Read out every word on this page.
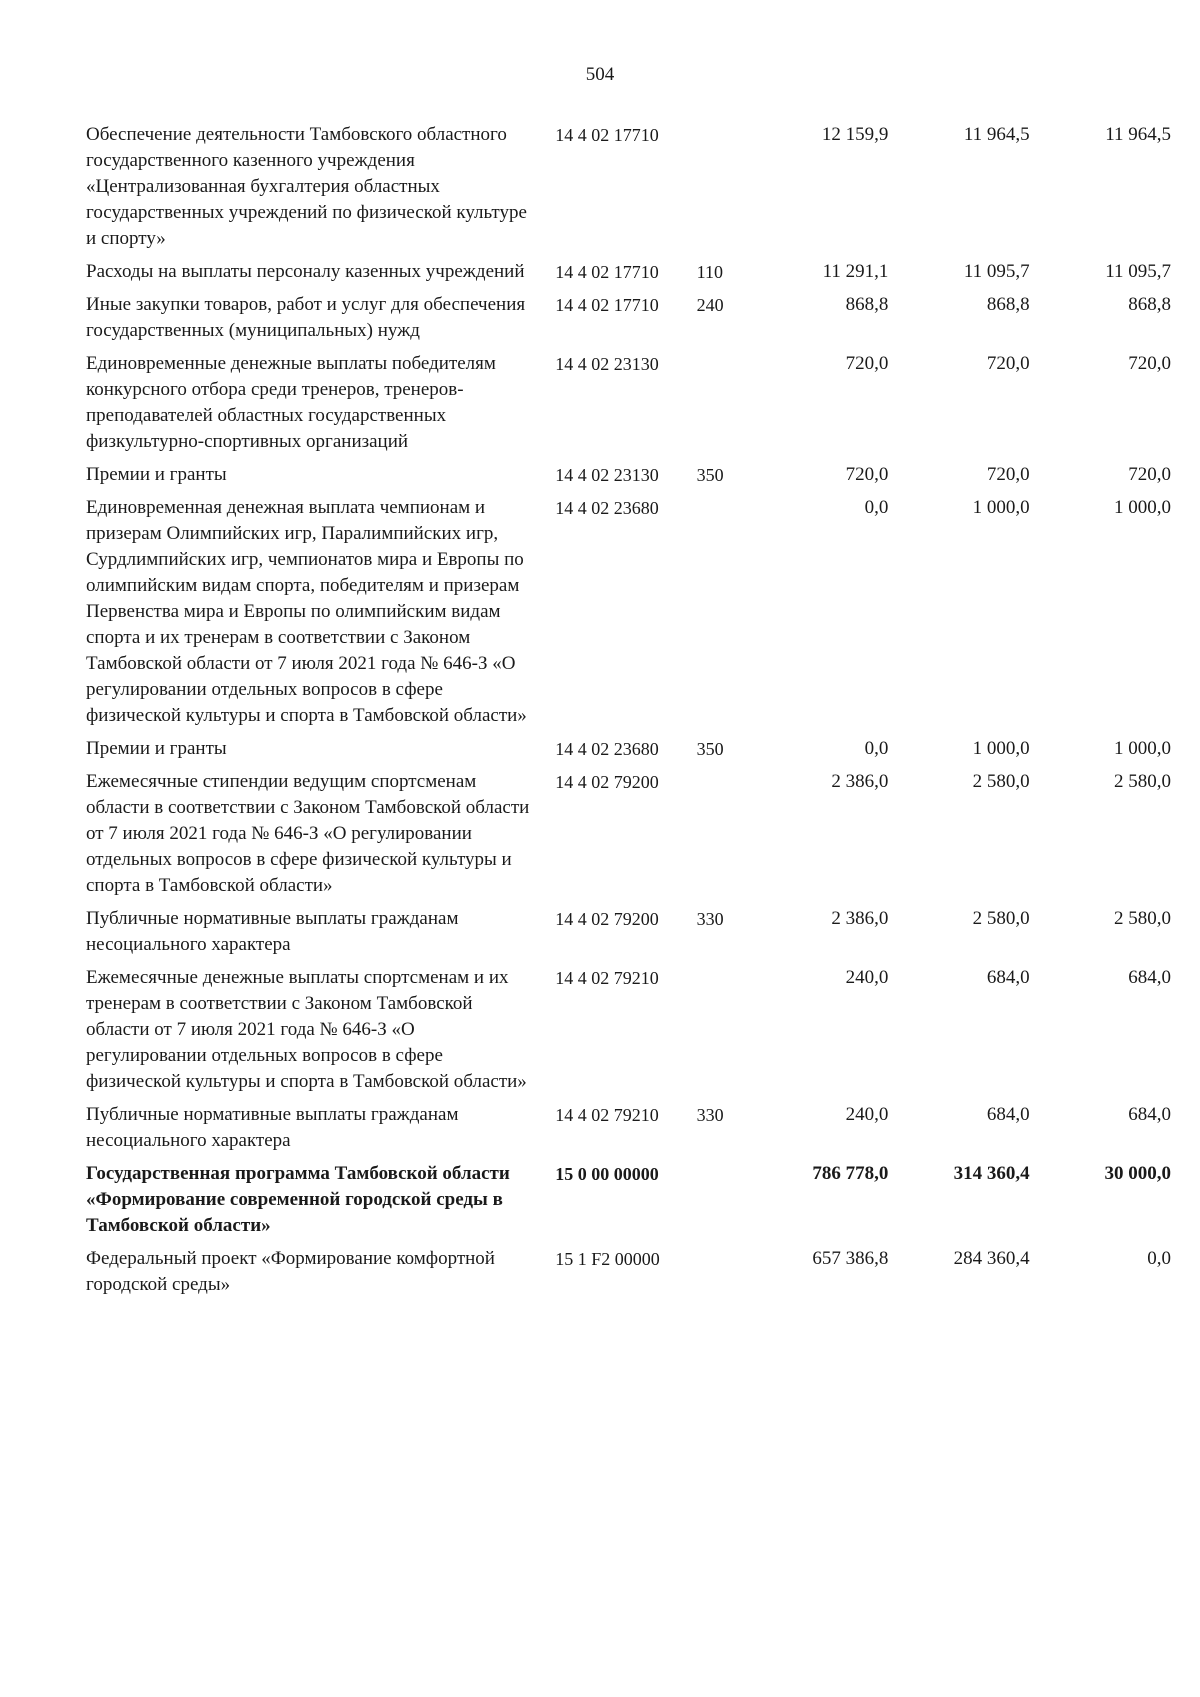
504
Обеспечение деятельности Тамбовского областного государственного казенного учреждения «Централизованная бухгалтерия областных государственных учреждений по физической культуре и спорту»	14 4 02 17710		12 159,9	11 964,5	11 964,5

Расходы на выплаты персоналу казенных учреждений	14 4 02 17710	110	11 291,1	11 095,7	11 095,7

Иные закупки товаров, работ и услуг для обеспечения государственных (муниципальных) нужд	14 4 02 17710	240	868,8	868,8	868,8

Единовременные денежные выплаты победителям конкурсного отбора среди тренеров, тренеров-преподавателей областных государственных физкультурно-спортивных организаций	14 4 02 23130		720,0	720,0	720,0

Премии и гранты	14 4 02 23130	350	720,0	720,0	720,0

Единовременная денежная выплата чемпионам и призерам Олимпийских игр, Паралимпийских игр, Сурдлимпийских игр, чемпионатов мира и Европы по олимпийским видам спорта, победителям и призерам Первенства мира и Европы по олимпийским видам спорта и их тренерам в соответствии с Законом Тамбовской области от 7 июля 2021 года № 646-З «О регулировании отдельных вопросов в сфере физической культуры и спорта в Тамбовской области»	14 4 02 23680		0,0	1 000,0	1 000,0

Премии и гранты	14 4 02 23680	350	0,0	1 000,0	1 000,0

Ежемесячные стипендии ведущим спортсменам области в соответствии с Законом Тамбовской области от 7 июля 2021 года № 646-З «О регулировании отдельных вопросов в сфере физической культуры и спорта в Тамбовской области»	14 4 02 79200		2 386,0	2 580,0	2 580,0

Публичные нормативные выплаты гражданам несоциального характера	14 4 02 79200	330	2 386,0	2 580,0	2 580,0

Ежемесячные денежные выплаты спортсменам и их тренерам в соответствии с Законом Тамбовской области от 7 июля 2021 года № 646-З «О регулировании отдельных вопросов в сфере физической культуры и спорта в Тамбовской области»	14 4 02 79210		240,0	684,0	684,0

Публичные нормативные выплаты гражданам несоциального характера	14 4 02 79210	330	240,0	684,0	684,0

Государственная программа Тамбовской области «Формирование современной городской среды в Тамбовской области»	15 0 00 00000		786 778,0	314 360,4	30 000,0

Федеральный проект «Формирование комфортной городской среды»	15 1 F2 00000		657 386,8	284 360,4	0,0
